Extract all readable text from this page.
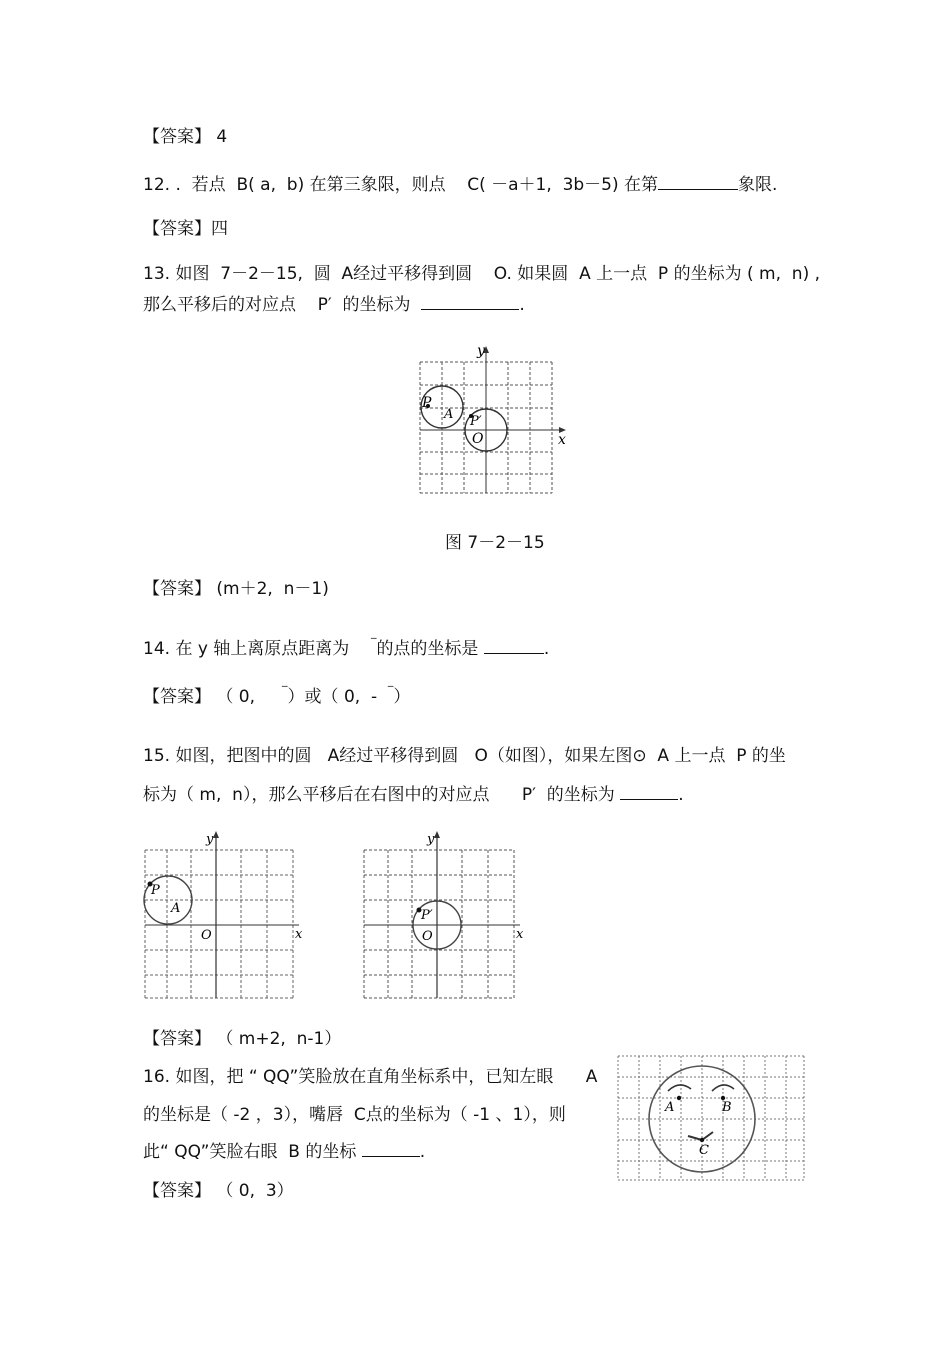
【答案】 4
12. .  若点  B( a,  b) 在第三象限，则点    C( －a＋1,  3b－5) 在第	象限.
【答案】四
13. 如图  7－2－15,  圆  A经过平移得到圆    O. 如果圆  A 上一点  P 的坐标为 ( m,  n) ,
那么平移后的对应点    P′  的坐标为	.
y
x
P
A P′
O
图 7－2－15
【答案】 (m＋2,  n－1)
14. 在 y 轴上离原点距离为    ‾的点的坐标是	.
【答案】 （ 0,     ‾）或（ 0,  -  ‾）
15. 如图，把图中的圆   A经过平移得到圆   O（如图），如果左图⊙  A 上一点  P 的坐
标为（ m,  n），那么平移后在右图中的对应点      P′  的坐标为	.
y
x
P
A
O
y
x
P′
O
【答案】 （ m+2,  n-1）
16. 如图，把 “ QQ”笑脸放在直角坐标系中，已知左眼      A
的坐标是（ -2 ，3），嘴唇  C点的坐标为（ -1 、1），则
此“ QQ”笑脸右眼  B 的坐标	.
A	B
C
【答案】 （ 0,  3）
